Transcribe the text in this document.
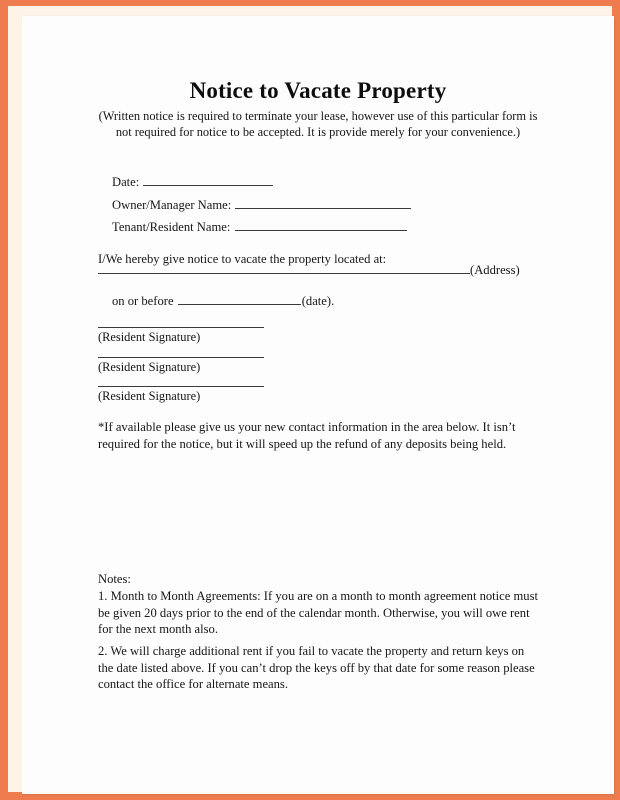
Notice to Vacate Property
(Written notice is required to terminate your lease, however use of this particular form is not required for notice to be accepted. It is provide merely for your convenience.)
Date:
Owner/Manager Name:
Tenant/Resident Name:
I/We hereby give notice to vacate the property located at:
(Address)
on or before	(date).
(Resident Signature)
(Resident Signature)
(Resident Signature)
*If available please give us your new contact information in the area below. It isn’t required for the notice, but it will speed up the refund of any deposits being held.
Notes:
1. Month to Month Agreements: If you are on a month to month agreement notice must be given 20 days prior to the end of the calendar month. Otherwise, you will owe rent for the next month also.
2. We will charge additional rent if you fail to vacate the property and return keys on the date listed above. If you can’t drop the keys off by that date for some reason please contact the office for alternate means.
